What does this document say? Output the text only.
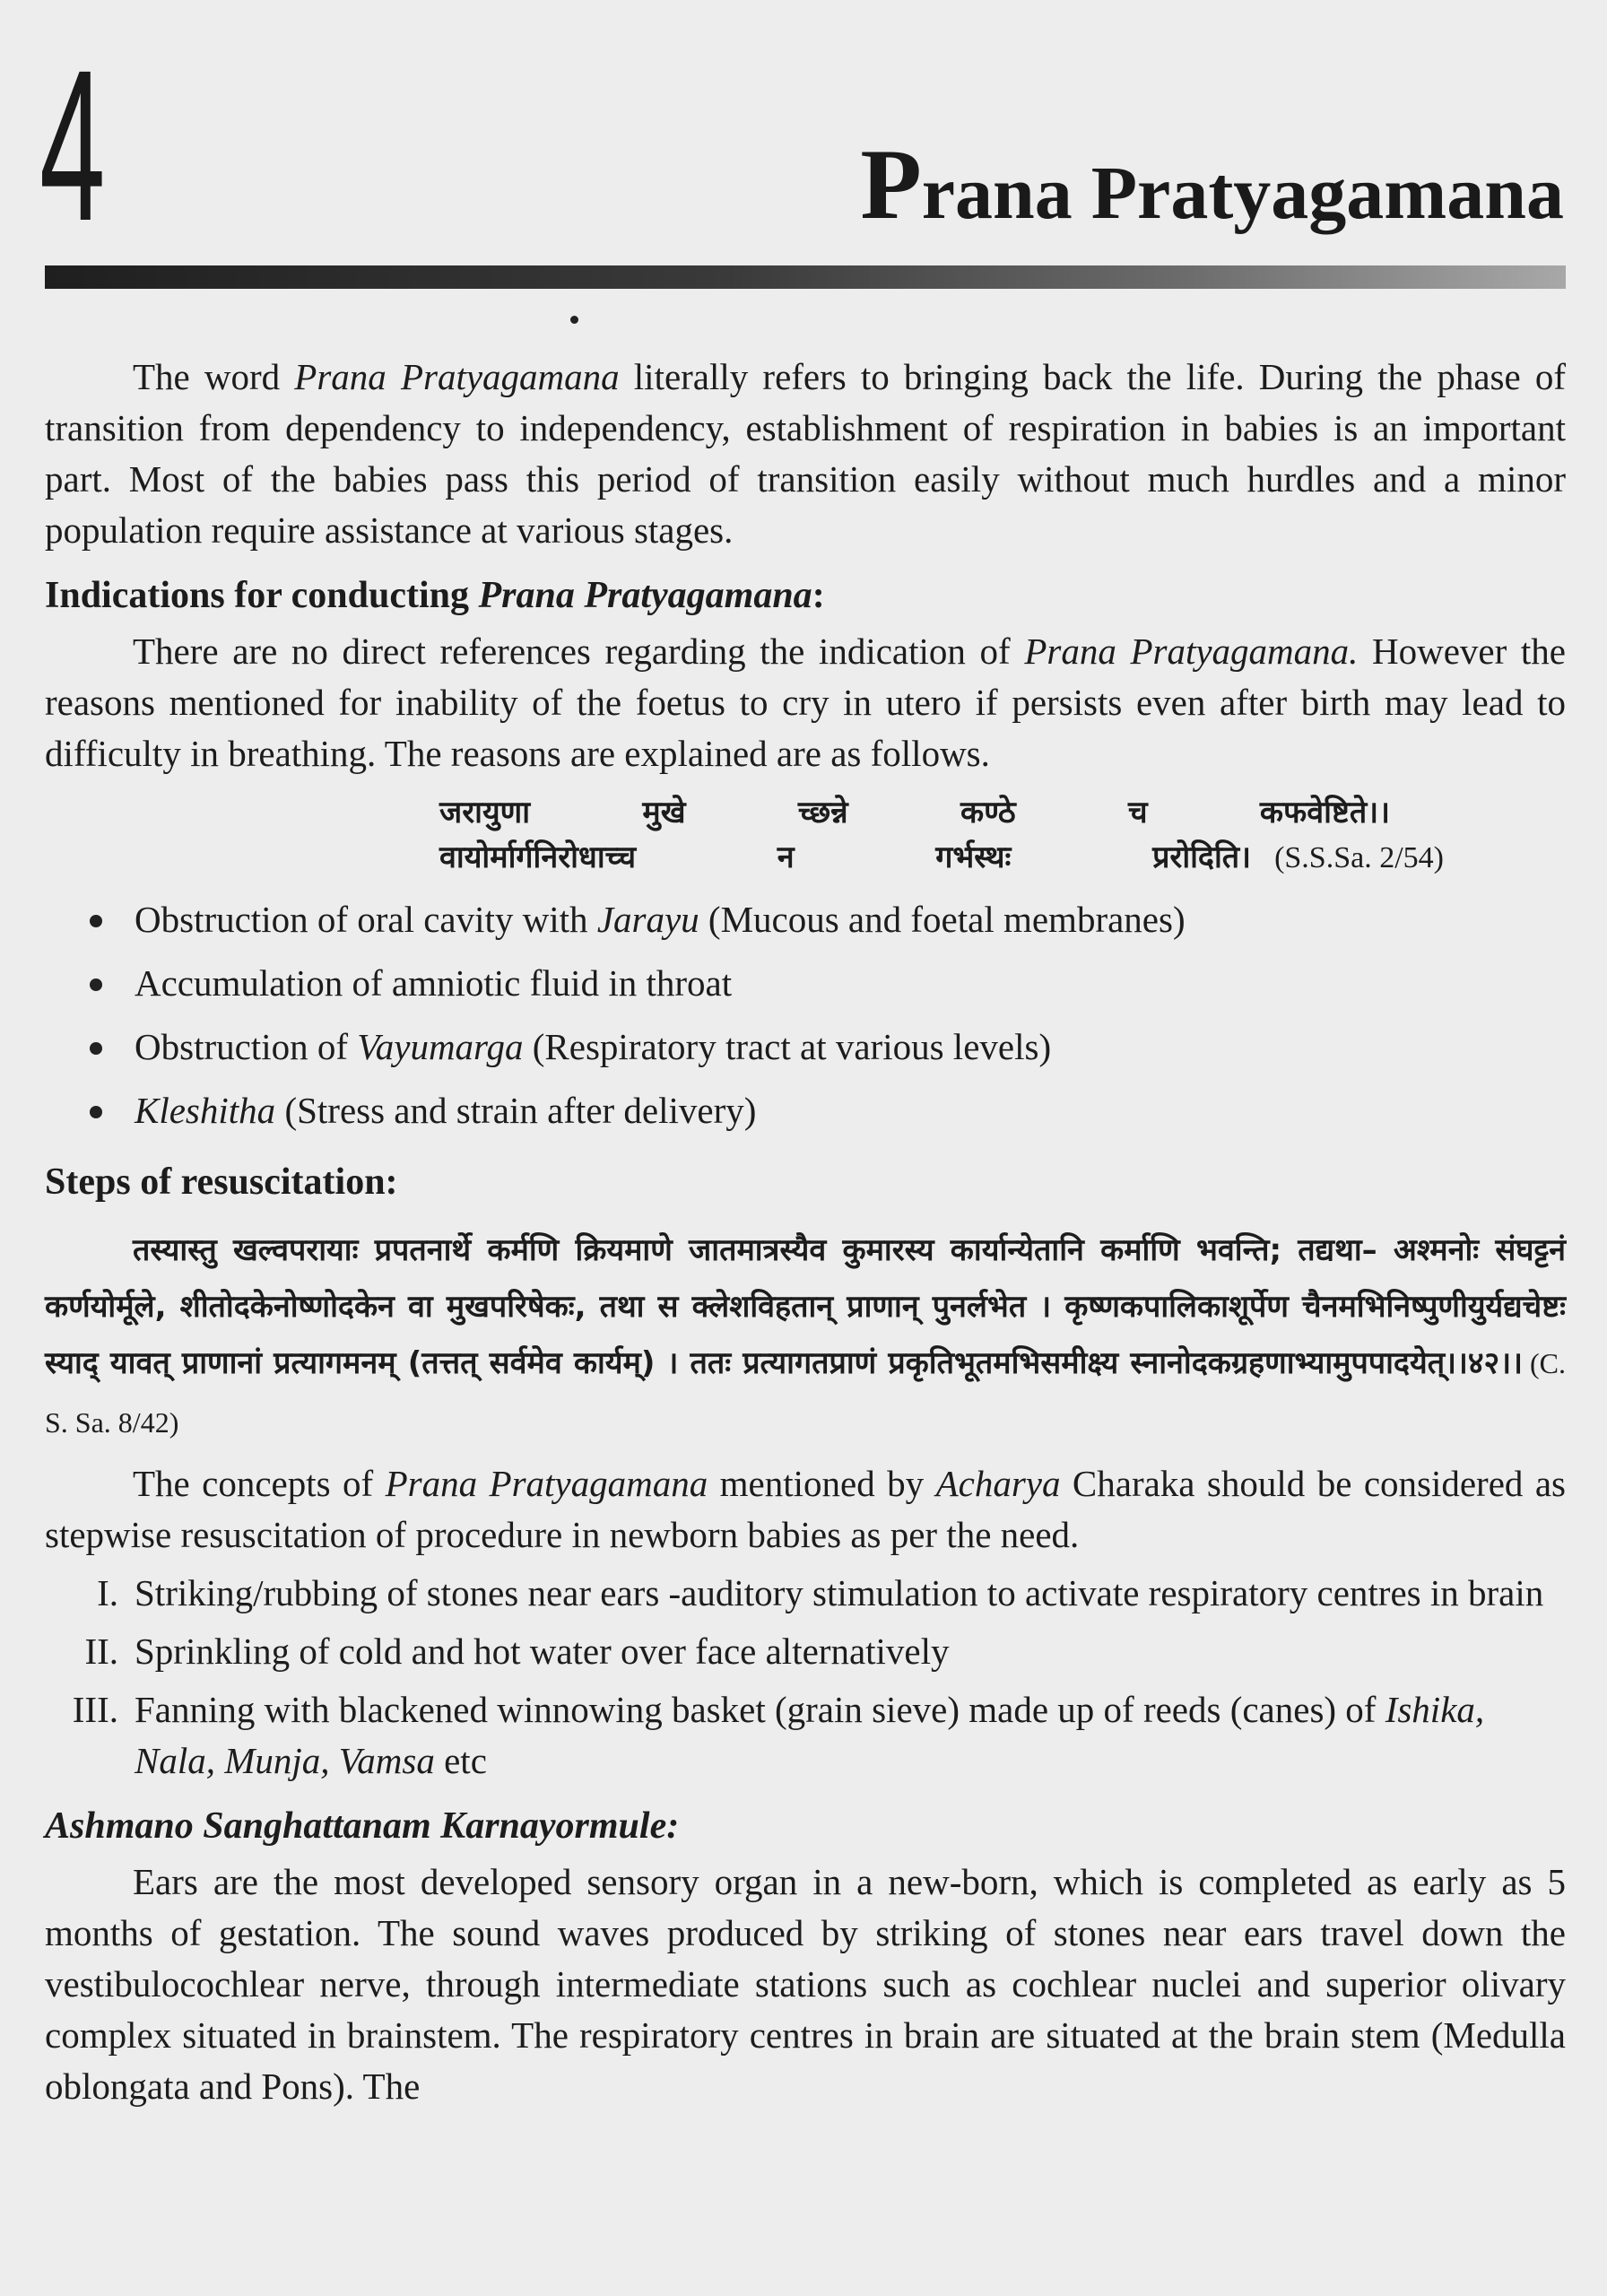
4	Prana Pratyagamana

The word Prana Pratyagamana literally refers to bringing back the life. During the phase of transition from dependency to independency, establishment of respiration in babies is an important part. Most of the babies pass this period of transition easily without much hurdles and a minor population require assistance at various stages.

Indications for conducting Prana Pratyagamana:

There are no direct references regarding the indication of Prana Pratyagamana. However the reasons mentioned for inability of the foetus to cry in utero if persists even after birth may lead to difficulty in breathing. The reasons are explained are as follows.

जरायुणा	मुखे	च्छन्ने	कण्ठे	च	कफवेष्टिते।।
वायोर्मार्गनिरोधाच्च	न	गर्भस्थः	प्ररोदिति। (S.S.Sa. 2/54)
Obstruction of oral cavity with Jarayu (Mucous and foetal membranes)
Accumulation of amniotic fluid in throat
Obstruction of Vayumarga (Respiratory tract at various levels)
Kleshitha (Stress and strain after delivery)
Steps of resuscitation:

तस्यास्तु खल्वपरायाः प्रपतनार्थे कर्मणि क्रियमाणे जातमात्रस्यैव कुमारस्य कार्यान्येतानि कर्माणि भवन्ति; तद्यथा– अश्मनोः संघट्टनं कर्णयोर्मूले, शीतोदकेनोष्णोदकेन वा मुखपरिषेकः, तथा स क्लेशविहतान् प्राणान् पुनर्लभेत । कृष्णकपालिकाशूर्पेण चैनमभिनिष्पुणीयुर्यद्यचेष्टः स्याद् यावत् प्राणानां प्रत्यागमनम् (तत्तत् सर्वमेव कार्यम्) । ततः प्रत्यागतप्राणं प्रकृतिभूतमभिसमीक्ष्य स्नानोदकग्रहणाभ्यामुपपादयेत्।।४२।। (C. S. Sa. 8/42)

The concepts of Prana Pratyagamana mentioned by Acharya Charaka should be considered as stepwise resuscitation of procedure in newborn babies as per the need.

I. Striking/rubbing of stones near ears -auditory stimulation to activate respiratory centres in brain
II. Sprinkling of cold and hot water over face alternatively
III. Fanning with blackened winnowing basket (grain sieve) made up of reeds (canes) of Ishika, Nala, Munja, Vamsa etc
Ashmano Sanghattanam Karnayormule:

Ears are the most developed sensory organ in a new-born, which is completed as early as 5 months of gestation. The sound waves produced by striking of stones near ears travel down the vestibulocochlear nerve, through intermediate stations such as cochlear nuclei and superior olivary complex situated in brainstem. The respiratory centres in brain are situated at the brain stem (Medulla oblongata and Pons). The
